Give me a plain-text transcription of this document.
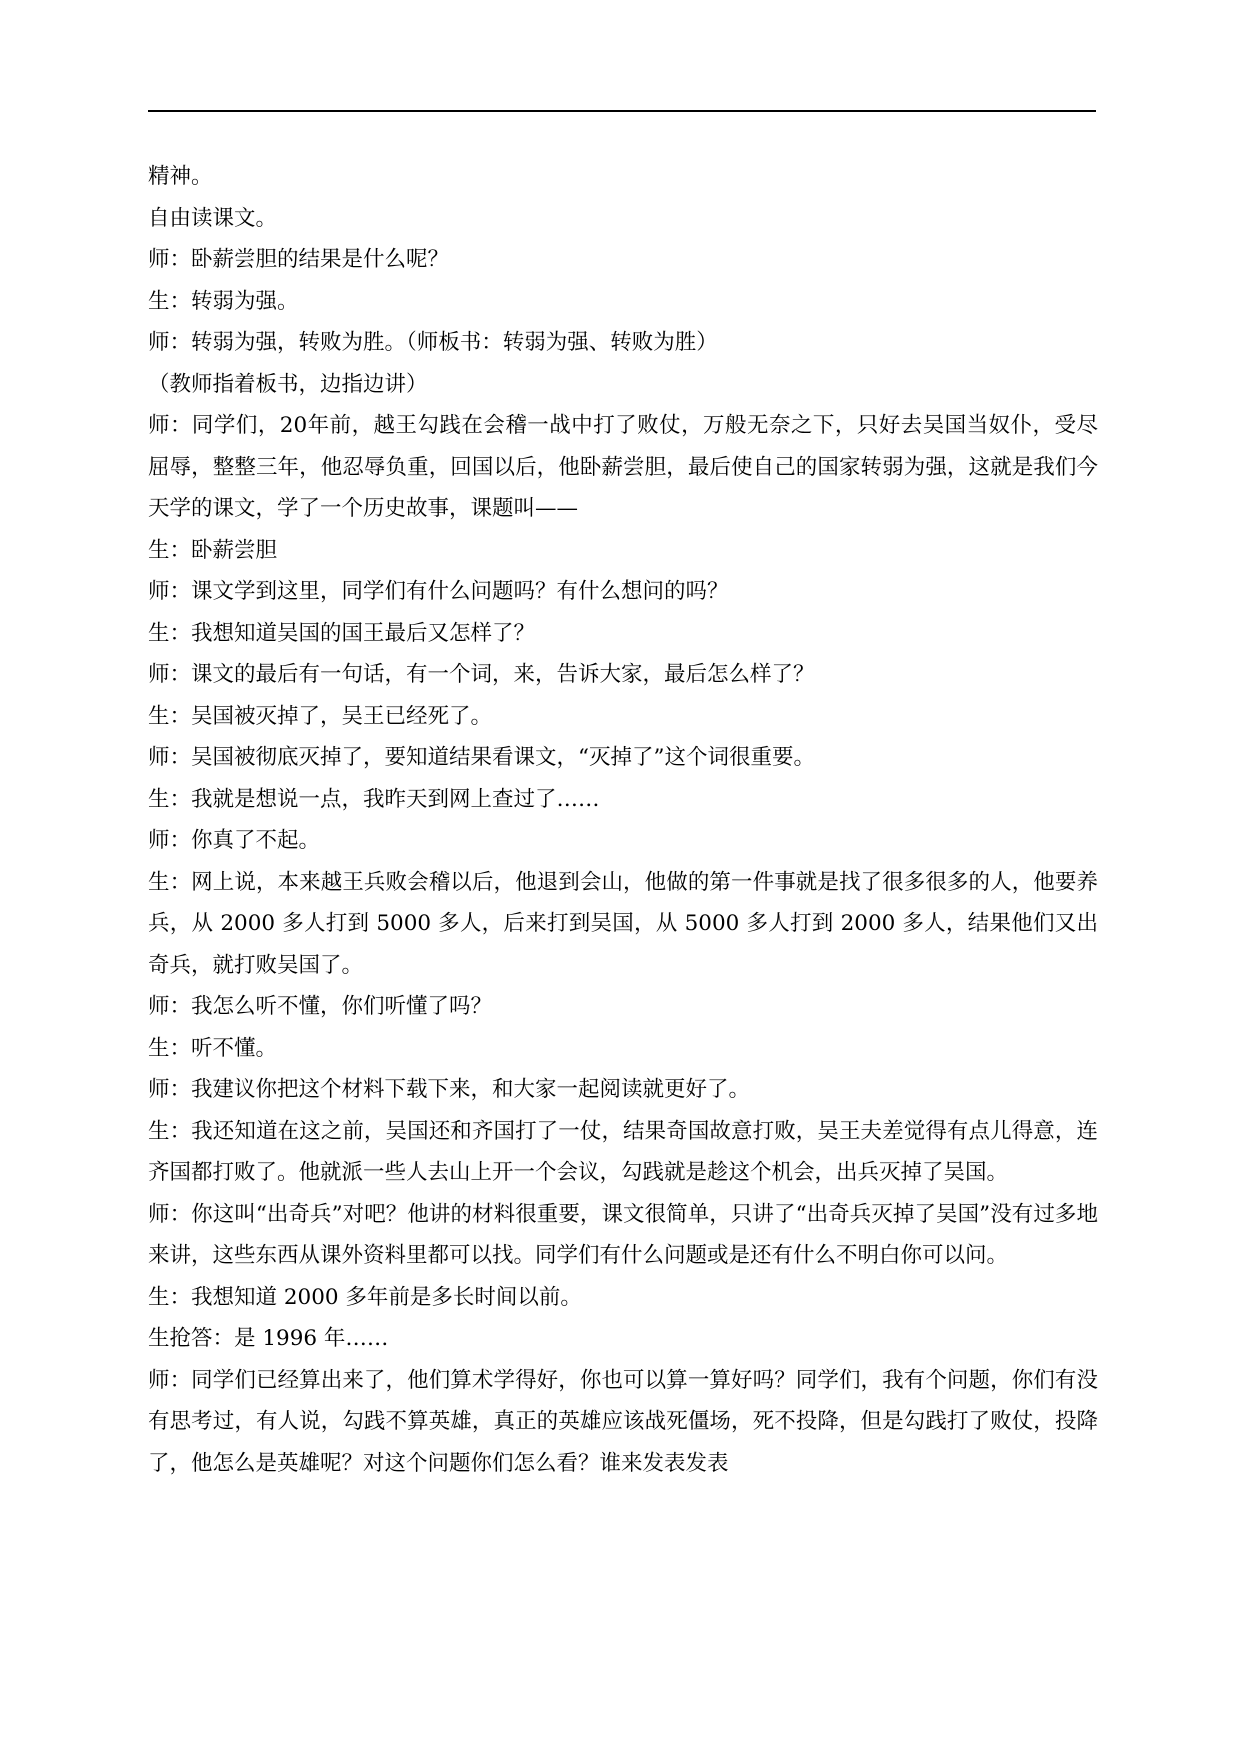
精神。

自由读课文。

师：卧薪尝胆的结果是什么呢？

生：转弱为强。

师：转弱为强，转败为胜。（师板书：转弱为强、转败为胜）

（教师指着板书，边指边讲）

师：同学们，20年前，越王勾践在会稽一战中打了败仗，万般无奈之下，只好去吴国当奴仆，受尽屈辱，整整三年，他忍辱负重，回国以后，他卧薪尝胆，最后使自己的国家转弱为强，这就是我们今天学的课文，学了一个历史故事，课题叫——

生：卧薪尝胆

师：课文学到这里，同学们有什么问题吗？有什么想问的吗？

生：我想知道吴国的国王最后又怎样了？

师：课文的最后有一句话，有一个词，来，告诉大家，最后怎么样了？

生：吴国被灭掉了，吴王已经死了。

师：吴国被彻底灭掉了，要知道结果看课文，“灭掉了”这个词很重要。

生：我就是想说一点，我昨天到网上查过了……

师：你真了不起。

生：网上说，本来越王兵败会稽以后，他退到会山，他做的第一件事就是找了很多很多的人，他要养兵，从 2000 多人打到 5000 多人，后来打到吴国，从 5000 多人打到 2000 多人，结果他们又出奇兵，就打败吴国了。

师：我怎么听不懂，你们听懂了吗？

生：听不懂。

师：我建议你把这个材料下载下来，和大家一起阅读就更好了。

生：我还知道在这之前，吴国还和齐国打了一仗，结果奇国故意打败，吴王夫差觉得有点儿得意，连齐国都打败了。他就派一些人去山上开一个会议，勾践就是趁这个机会，出兵灭掉了吴国。

师：你这叫“出奇兵”对吧？他讲的材料很重要，课文很简单，只讲了“出奇兵灭掉了吴国”没有过多地来讲，这些东西从课外资料里都可以找。同学们有什么问题或是还有什么不明白你可以问。

生：我想知道 2000 多年前是多长时间以前。

生抢答：是 1996 年……

师：同学们已经算出来了，他们算术学得好，你也可以算一算好吗？同学们，我有个问题，你们有没有思考过，有人说，勾践不算英雄，真正的英雄应该战死僵场，死不投降，但是勾践打了败仗，投降了，他怎么是英雄呢？对这个问题你们怎么看？谁来发表发表
